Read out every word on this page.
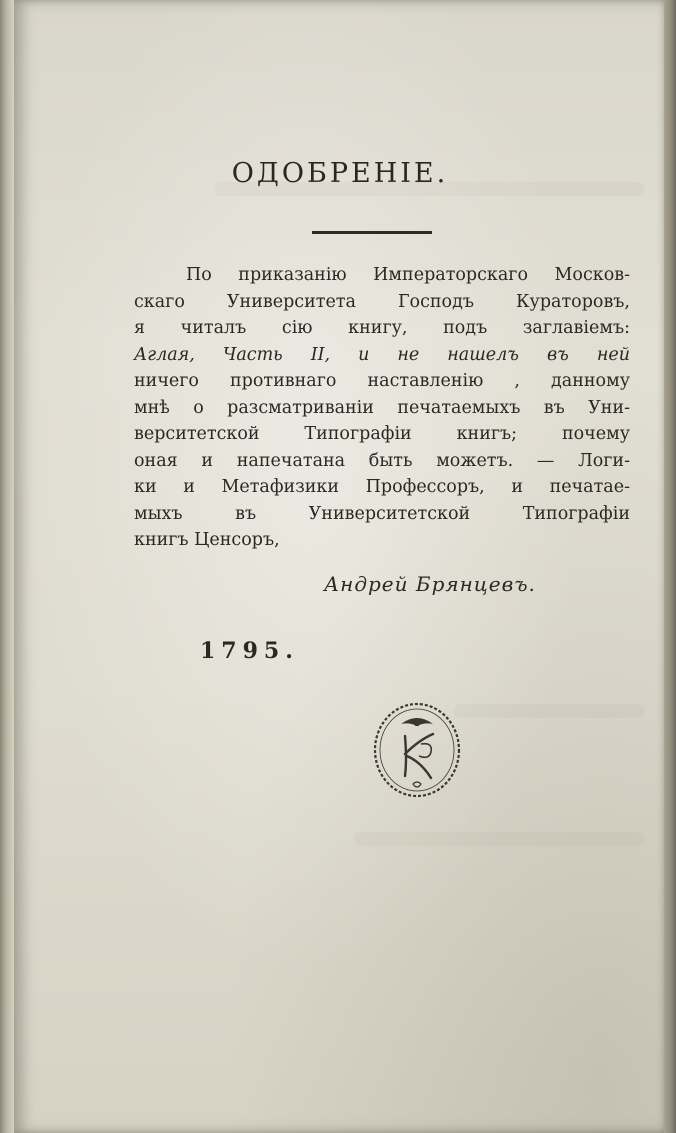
ОДОБРЕНІЕ.
По приказанію Императорскаго Москов-
скаго Университета Господъ Кураторовъ,
я читалъ сію книгу, подъ заглавіемъ:
Аглая, Часть II, и не нашелъ въ ней
ничего противнаго наставленію , данному
мнѣ о разсматриваніи печатаемыхъ въ Уни-
верситетской Типографіи книгъ; почему
оная и напечатана быть можетъ. — Логи-
ки и Метафизики Профессоръ, и печатае-
мыхъ въ Университетской Типографіи
книгъ Ценсоръ,
Андрей Брянцевъ.
1795.
